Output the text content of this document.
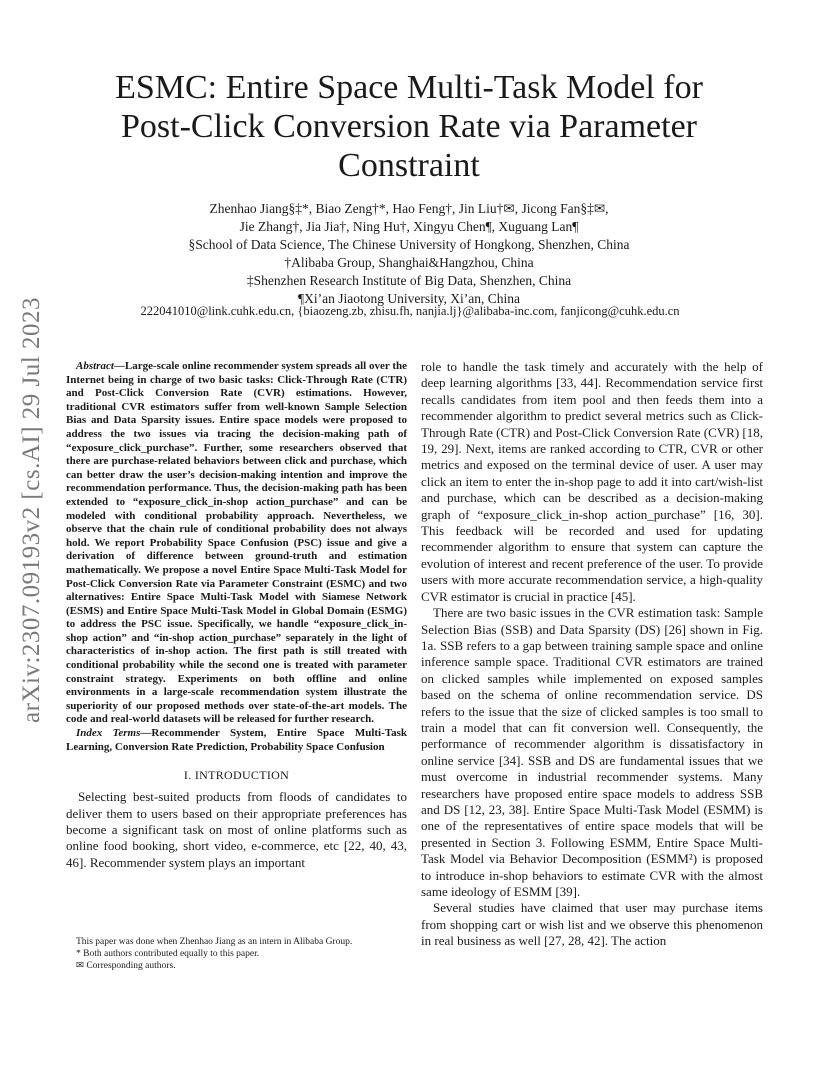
arXiv:2307.09193v2 [cs.AI] 29 Jul 2023
ESMC: Entire Space Multi-Task Model for Post-Click Conversion Rate via Parameter Constraint
Zhenhao Jiang§‡*, Biao Zeng†*, Hao Feng†, Jin Liu†✉, Jicong Fan§‡✉,
Jie Zhang†, Jia Jia†, Ning Hu†, Xingyu Chen¶, Xuguang Lan¶
§School of Data Science, The Chinese University of Hongkong, Shenzhen, China
†Alibaba Group, Shanghai&Hangzhou, China
‡Shenzhen Research Institute of Big Data, Shenzhen, China
¶Xi’an Jiaotong University, Xi’an, China
222041010@link.cuhk.edu.cn, {biaozeng.zb, zhisu.fh, nanjia.lj}@alibaba-inc.com, fanjicong@cuhk.edu.cn

Abstract—Large-scale online recommender system spreads all over the Internet being in charge of two basic tasks: Click-Through Rate (CTR) and Post-Click Conversion Rate (CVR) estimations. However, traditional CVR estimators suffer from well-known Sample Selection Bias and Data Sparsity issues. Entire space models were proposed to address the two issues via tracing the decision-making path of “exposure_click_purchase”. Further, some researchers observed that there are purchase-related behaviors between click and purchase, which can better draw the user’s decision-making intention and improve the recommendation performance. Thus, the decision-making path has been extended to “exposure_click_in-shop action_purchase” and can be modeled with conditional probability approach. Nevertheless, we observe that the chain rule of conditional probability does not always hold. We report Probability Space Confusion (PSC) issue and give a derivation of difference between ground-truth and estimation mathematically. We propose a novel Entire Space Multi-Task Model for Post-Click Conversion Rate via Parameter Constraint (ESMC) and two alternatives: Entire Space Multi-Task Model with Siamese Network (ESMS) and Entire Space Multi-Task Model in Global Domain (ESMG) to address the PSC issue. Specifically, we handle “exposure_click_in-shop action” and “in-shop action_purchase” separately in the light of characteristics of in-shop action. The first path is still treated with conditional probability while the second one is treated with parameter constraint strategy. Experiments on both offline and online environments in a large-scale recommendation system illustrate the superiority of our proposed methods over state-of-the-art models. The code and real-world datasets will be released for further research.

Index Terms—Recommender System, Entire Space Multi-Task Learning, Conversion Rate Prediction, Probability Space Confusion

I. INTRODUCTION

Selecting best-suited products from floods of candidates to deliver them to users based on their appropriate preferences has become a significant task on most of online platforms such as online food booking, short video, e-commerce, etc [22, 40, 43, 46]. Recommender system plays an important

This paper was done when Zhenhao Jiang as an intern in Alibaba Group.
* Both authors contributed equally to this paper.
✉ Corresponding authors.

role to handle the task timely and accurately with the help of deep learning algorithms [33, 44]. Recommendation service first recalls candidates from item pool and then feeds them into a recommender algorithm to predict several metrics such as Click-Through Rate (CTR) and Post-Click Conversion Rate (CVR) [18, 19, 29]. Next, items are ranked according to CTR, CVR or other metrics and exposed on the terminal device of user. A user may click an item to enter the in-shop page to add it into cart/wish-list and purchase, which can be described as a decision-making graph of “exposure_click_in-shop action_purchase” [16, 30]. This feedback will be recorded and used for updating recommender algorithm to ensure that system can capture the evolution of interest and recent preference of the user. To provide users with more accurate recommendation service, a high-quality CVR estimator is crucial in practice [45].

There are two basic issues in the CVR estimation task: Sample Selection Bias (SSB) and Data Sparsity (DS) [26] shown in Fig. 1a. SSB refers to a gap between training sample space and online inference sample space. Traditional CVR estimators are trained on clicked samples while implemented on exposed samples based on the schema of online recommendation service. DS refers to the issue that the size of clicked samples is too small to train a model that can fit conversion well. Consequently, the performance of recommender algorithm is dissatisfactory in online service [34]. SSB and DS are fundamental issues that we must overcome in industrial recommender systems. Many researchers have proposed entire space models to address SSB and DS [12, 23, 38]. Entire Space Multi-Task Model (ESMM) is one of the representatives of entire space models that will be presented in Section 3. Following ESMM, Entire Space Multi-Task Model via Behavior Decomposition (ESMM²) is proposed to introduce in-shop behaviors to estimate CVR with the almost same ideology of ESMM [39].

Several studies have claimed that user may purchase items from shopping cart or wish list and we observe this phenomenon in real business as well [27, 28, 42]. The action
